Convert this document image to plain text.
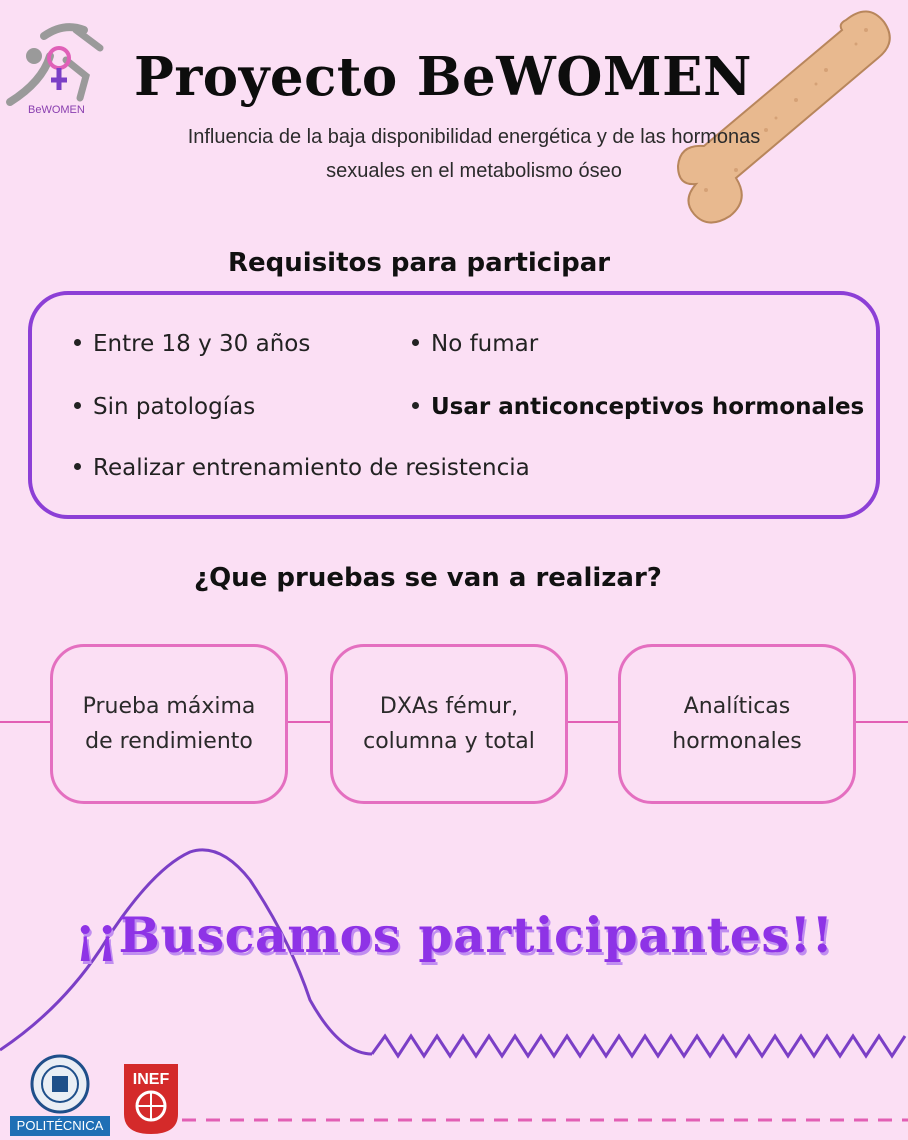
BeWOMEN
Proyecto BeWOMEN
Influencia de la baja disponibilidad energética y de las hormonas
sexuales en el metabolismo óseo
Requisitos para participar
Entre 18 y 30 años	No fumar
Sin patologías	Usar anticonceptivos hormonales
Realizar entrenamiento de resistencia
¿Que pruebas se van a realizar?
Prueba máxima
de rendimiento
DXAs fémur,
columna y total
Analíticas
hormonales
¡¡Buscamos participantes!!
POLITÉCNICA
INEF
